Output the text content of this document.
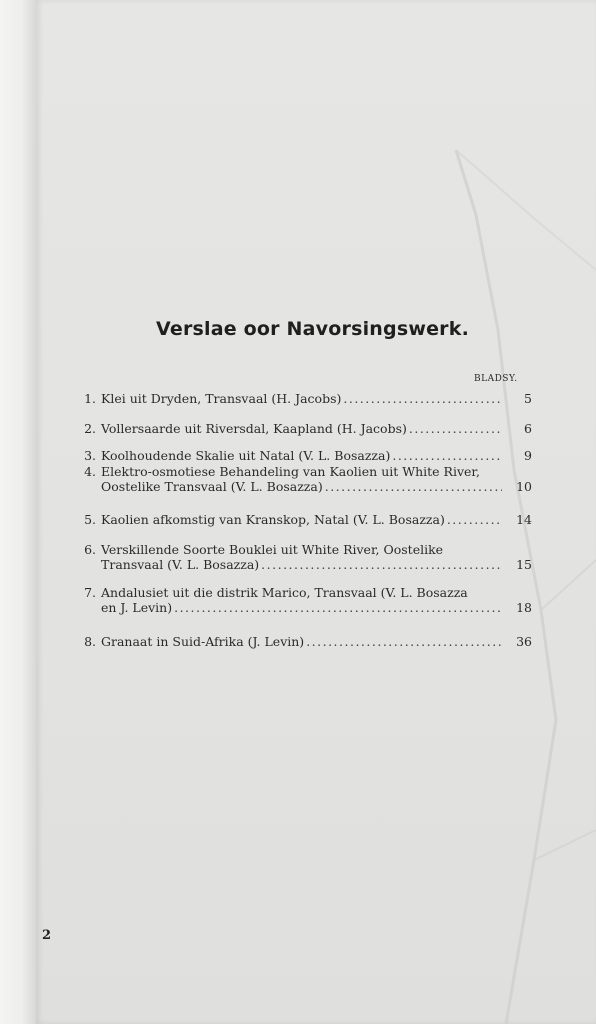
Verslae oor Navorsingswerk.
BLADSY.
1. Klei uit Dryden, Transvaal (H. Jacobs) .....	5
2. Vollersaarde uit Riversdal, Kaapland (H. Jacobs) .....	6
3. Koolhoudende Skalie uit Natal (V. L. Bosazza) .....	9
4. Elektro-osmotiese Behandeling van Kaolien uit White River,
Oostelike Transvaal (V. L. Bosazza) .....	10
5. Kaolien afkomstig van Kranskop, Natal (V. L. Bosazza) .....	14
6. Verskillende Soorte Bouklei uit White River, Oostelike
Transvaal (V. L. Bosazza) .....	15
7. Andalusiet uit die distrik Marico, Transvaal (V. L. Bosazza
en J. Levin) .....	18
8. Granaat in Suid-Afrika (J. Levin) .....	36
2
